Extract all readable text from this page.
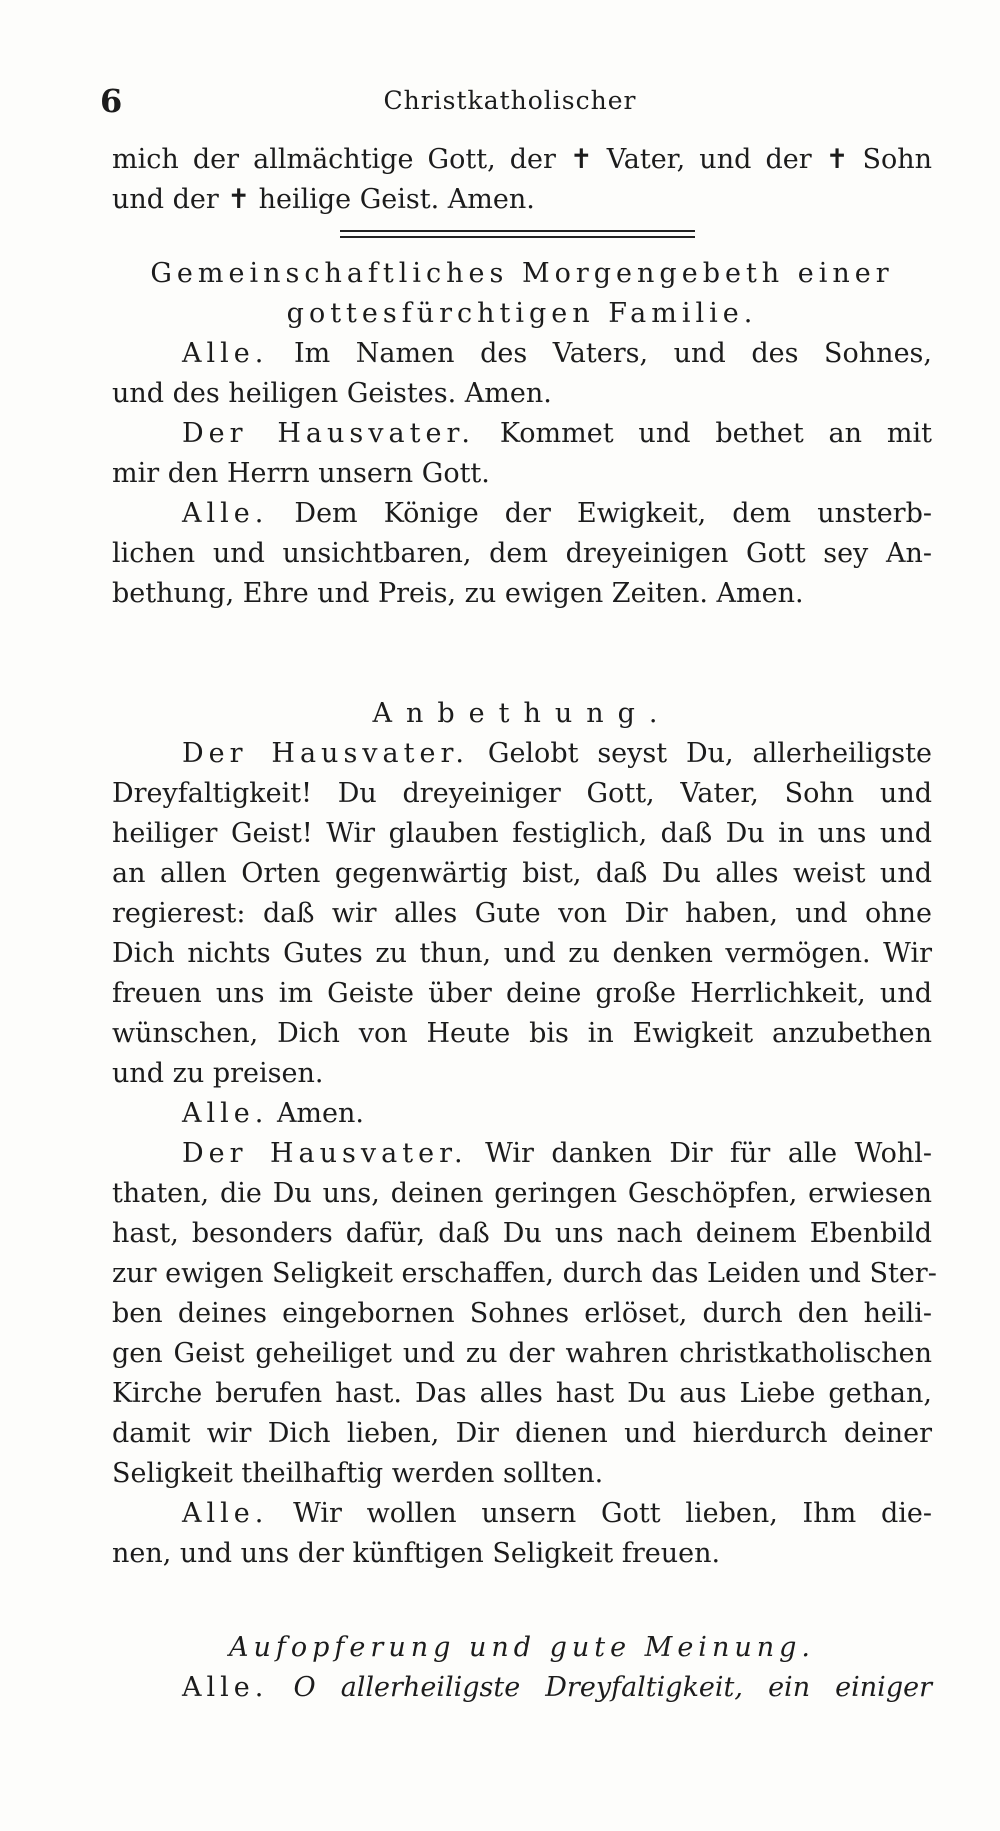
6	Christkatholischer
mich der allmächtige Gott, der ✝ Vater, und der ✝ Sohn
und der ✝ heilige Geist. Amen.
Gemeinschaftliches Morgengebeth einer
gottesfürchtigen Familie.
Alle. Im Namen des Vaters, und des Sohnes,
und des heiligen Geistes. Amen.
Der Hausvater. Kommet und bethet an mit
mir den Herrn unsern Gott.
Alle. Dem Könige der Ewigkeit, dem unsterb-
lichen und unsichtbaren, dem dreyeinigen Gott sey An-
bethung, Ehre und Preis, zu ewigen Zeiten. Amen.
Anbethung.
Der Hausvater. Gelobt seyst Du, allerheiligste
Dreyfaltigkeit! Du dreyeiniger Gott, Vater, Sohn und
heiliger Geist! Wir glauben festiglich, daß Du in uns und
an allen Orten gegenwärtig bist, daß Du alles weist und
regierest: daß wir alles Gute von Dir haben, und ohne
Dich nichts Gutes zu thun, und zu denken vermögen. Wir
freuen uns im Geiste über deine große Herrlichkeit, und
wünschen, Dich von Heute bis in Ewigkeit anzubethen
und zu preisen.
Alle. Amen.
Der Hausvater. Wir danken Dir für alle Wohl-
thaten, die Du uns, deinen geringen Geschöpfen, erwiesen
hast, besonders dafür, daß Du uns nach deinem Ebenbild
zur ewigen Seligkeit erschaffen, durch das Leiden und Ster-
ben deines eingebornen Sohnes erlöset, durch den heili-
gen Geist geheiliget und zu der wahren christkatholischen
Kirche berufen hast. Das alles hast Du aus Liebe gethan,
damit wir Dich lieben, Dir dienen und hierdurch deiner
Seligkeit theilhaftig werden sollten.
Alle. Wir wollen unsern Gott lieben, Ihm die-
nen, und uns der künftigen Seligkeit freuen.
Aufopferung und gute Meinung.
Alle. O allerheiligste Dreyfaltigkeit, ein einiger
